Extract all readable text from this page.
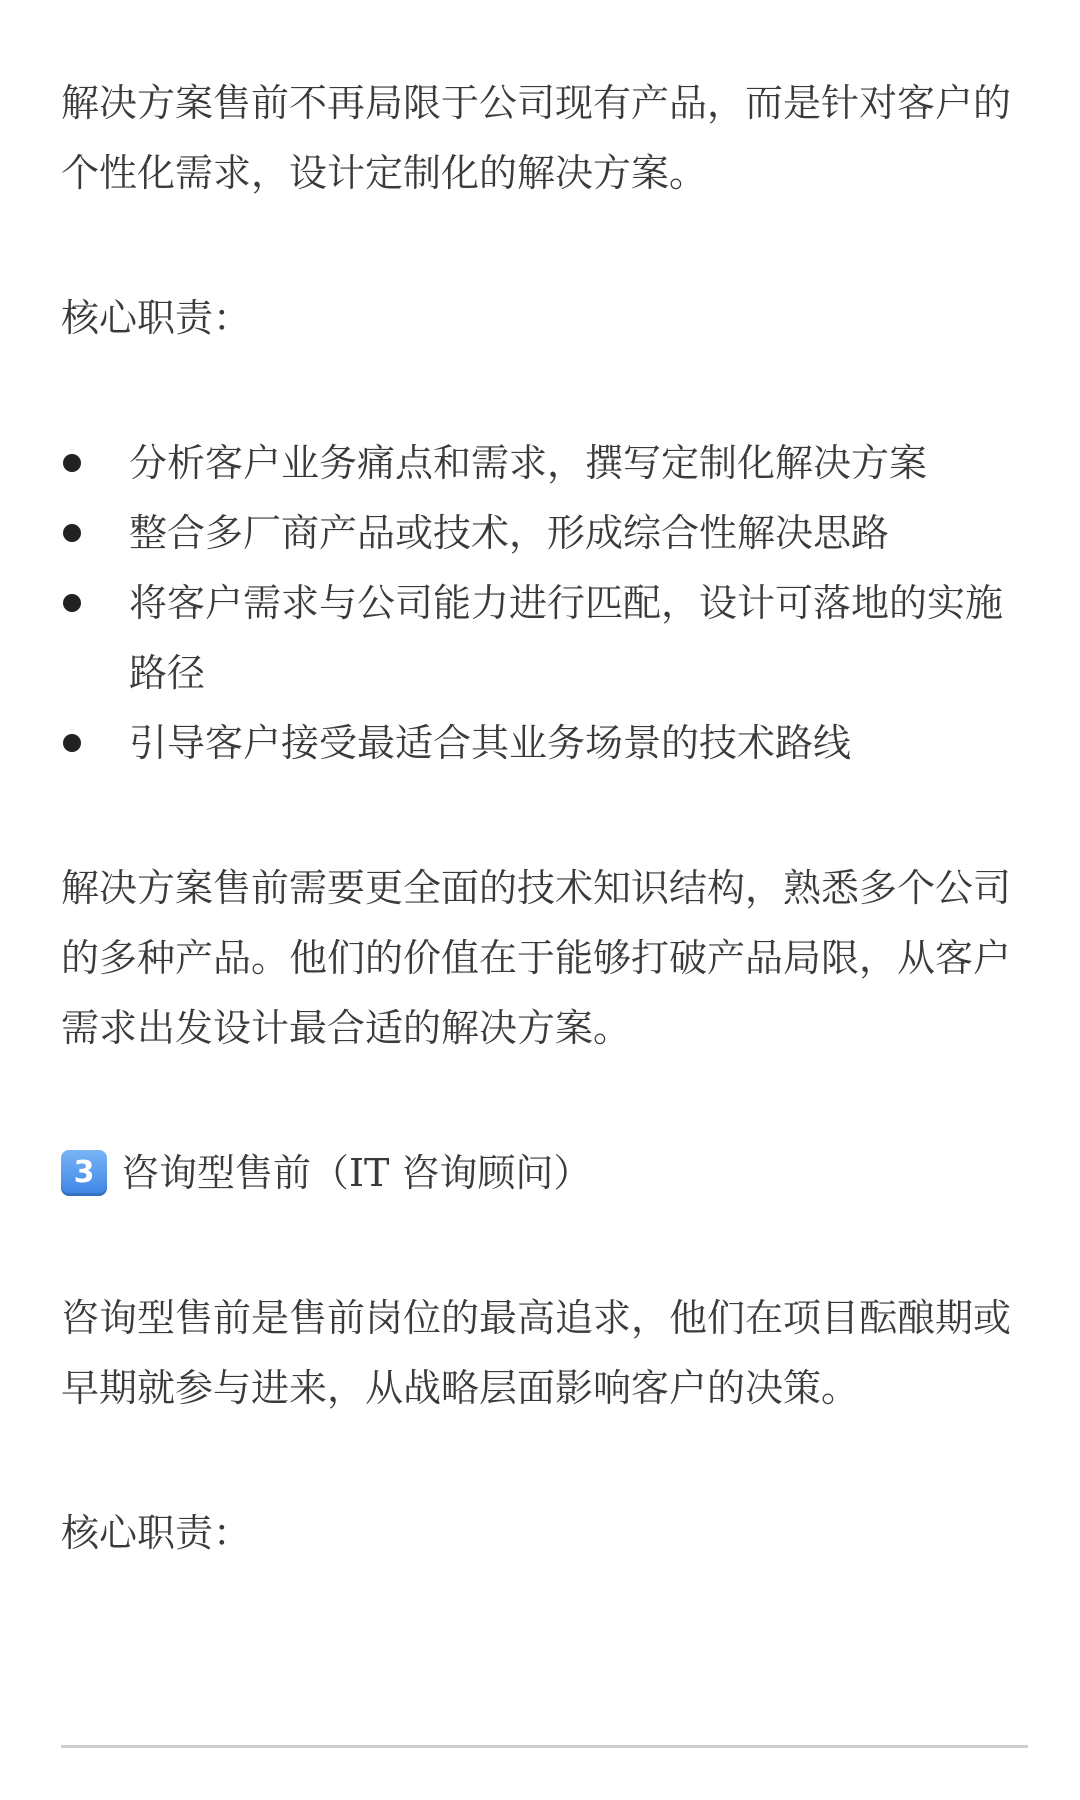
解决方案售前不再局限于公司现有产品，而是针对客户的个性化需求，设计定制化的解决方案。

核心职责：

分析客户业务痛点和需求，撰写定制化解决方案
整合多厂商产品或技术，形成综合性解决思路
将客户需求与公司能力进行匹配，设计可落地的实施路径
引导客户接受最适合其业务场景的技术路线

解决方案售前需要更全面的技术知识结构，熟悉多个公司的多种产品。他们的价值在于能够打破产品局限，从客户需求出发设计最合适的解决方案。

3 咨询型售前（IT 咨询顾问）

咨询型售前是售前岗位的最高追求，他们在项目酝酿期或早期就参与进来，从战略层面影响客户的决策。

核心职责：
